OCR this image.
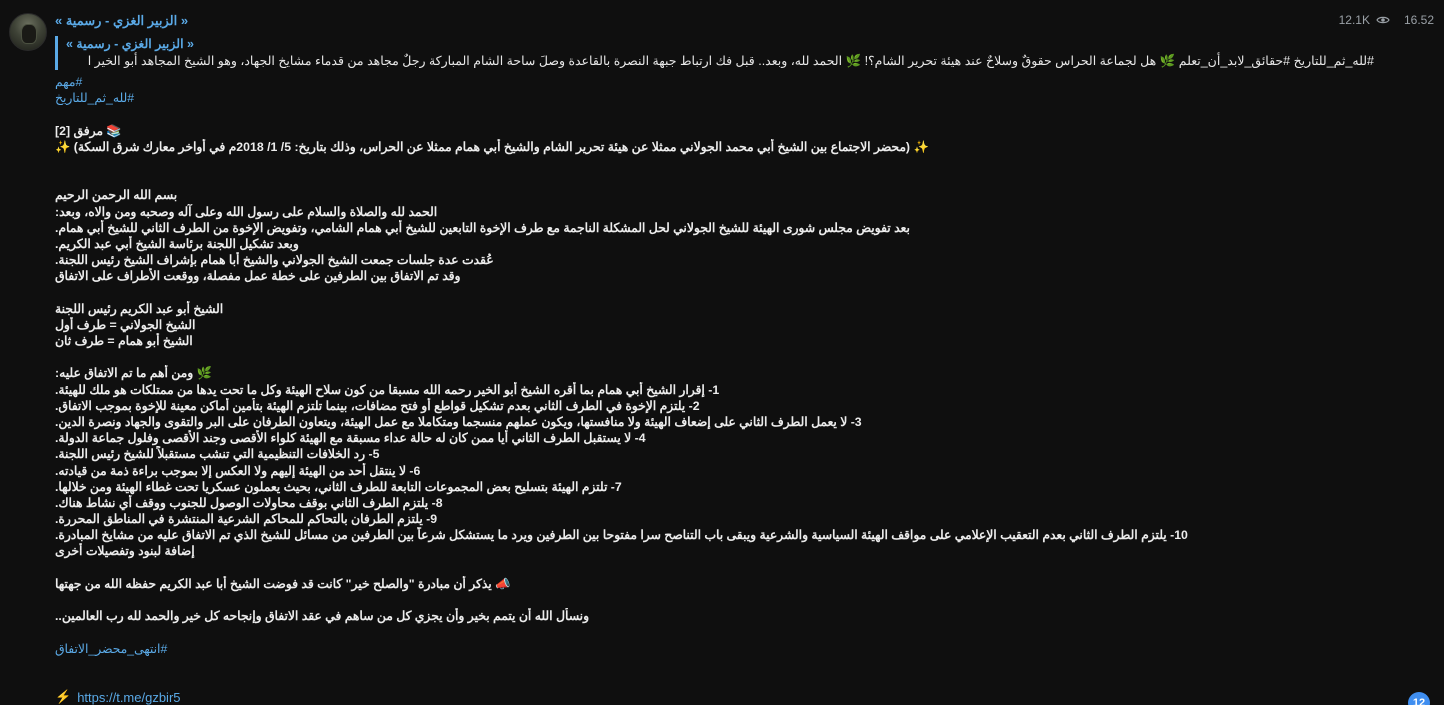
« الزبير الغزي - رسمية »	12.1K	16.52
« الزبير الغزي - رسمية »
#لله_ثم_للتاريخ #حقائق_لابد_أن_تعلم 🌿 هل لجماعة الحراس حقوقٌ وسلاحٌ عند هيئة تحرير الشام؟! 🌿 الحمد لله، وبعد.. قبل فك ارتباط جبهة النصرة بالقاعدة وصلَ ساحة الشام المباركة رجلٌ مجاهد من قدماء مشايخ الجهاد، وهو الشيخ المجاهد أبو الخير ا
#مهم
#لله_ثم_للتاريخ
📚 مرفق [2]
✨ (محضر الاجتماع بين الشيخ أبي محمد الجولاني ممثلا عن هيئة تحرير الشام والشيخ أبي همام ممثلا عن الحراس، وذلك بتاريخ: 5/ 1/ 2018م في أواخر معارك شرق السكة) ✨
بسم الله الرحمن الرحيم
الحمد لله والصلاة والسلام على رسول الله وعلى آله وصحبه ومن والاه، وبعد:
بعد تفويض مجلس شورى الهيئة للشيخ الجولاني لحل المشكلة الناجمة مع طرف الإخوة التابعين للشيخ أبي همام الشامي، وتفويض الإخوة من الطرف الثاني للشيخ أبي همام.
وبعد تشكيل اللجنة برئاسة الشيخ أبي عبد الكريم.
عُقدت عدة جلسات جمعت الشيخ الجولاني والشيخ أبا همام بإشراف الشيخ رئيس اللجنة.
وقد تم الاتفاق بين الطرفين على خطة عمل مفصلة، ووقعت الأطراف على الاتفاق
الشيخ أبو عبد الكريم رئيس اللجنة
الشيخ الجولاني = طرف أول
الشيخ أبو همام = طرف ثان
🌿 ومن أهم ما تم الاتفاق عليه:
1- إقرار الشيخ أبي همام بما أقره الشيخ أبو الخير رحمه الله مسبقا من كون سلاح الهيئة وكل ما تحت يدها من ممتلكات هو ملك للهيئة.
2- يلتزم الإخوة في الطرف الثاني بعدم تشكيل قواطع أو فتح مضافات، بينما تلتزم الهيئة بتأمين أماكن معينة للإخوة بموجب الاتفاق.
3- لا يعمل الطرف الثاني على إضعاف الهيئة ولا منافستها، ويكون عملهم منسجما ومتكاملا مع عمل الهيئة، ويتعاون الطرفان على البر والتقوى والجهاد ونصرة الدين.
4- لا يستقبل الطرف الثاني أيا ممن كان له حالة عداء مسبقة مع الهيئة كلواء الأقصى وجند الأقصى وفلول جماعة الدولة.
5- رد الخلافات التنظيمية التي تنشب مستقبلاً للشيخ رئيس اللجنة.
6- لا ينتقل أحد من الهيئة إليهم ولا العكس إلا بموجب براءة ذمة من قيادته.
7- تلتزم الهيئة بتسليح بعض المجموعات التابعة للطرف الثاني، بحيث يعملون عسكريا تحت غطاء الهيئة ومن خلالها.
8- يلتزم الطرف الثاني بوقف محاولات الوصول للجنوب ووقف أي نشاط هناك.
9- يلتزم الطرفان بالتحاكم للمحاكم الشرعية المنتشرة في المناطق المحررة.
10- يلتزم الطرف الثاني بعدم التعقيب الإعلامي على مواقف الهيئة السياسية والشرعية ويبقى باب التناصح سرا مفتوحا بين الطرفين ويرد ما يستشكل شرعاً بين الطرفين من مسائل للشيخ الذي تم الاتفاق عليه من مشايخ المبادرة.
إضافة لبنود وتفصيلات أخرى
📣 يذكر أن مبادرة "والصلح خير" كانت قد فوضت الشيخ أبا عبد الكريم حفظه الله من جهتها
ونسأل الله أن يتمم بخير وأن يجزي كل من ساهم في عقد الاتفاق وإنجاحه كل خير والحمد لله رب العالمين..
#انتهى_محضر_الاتفاق
⚡ https://t.me/gzbir5	12
